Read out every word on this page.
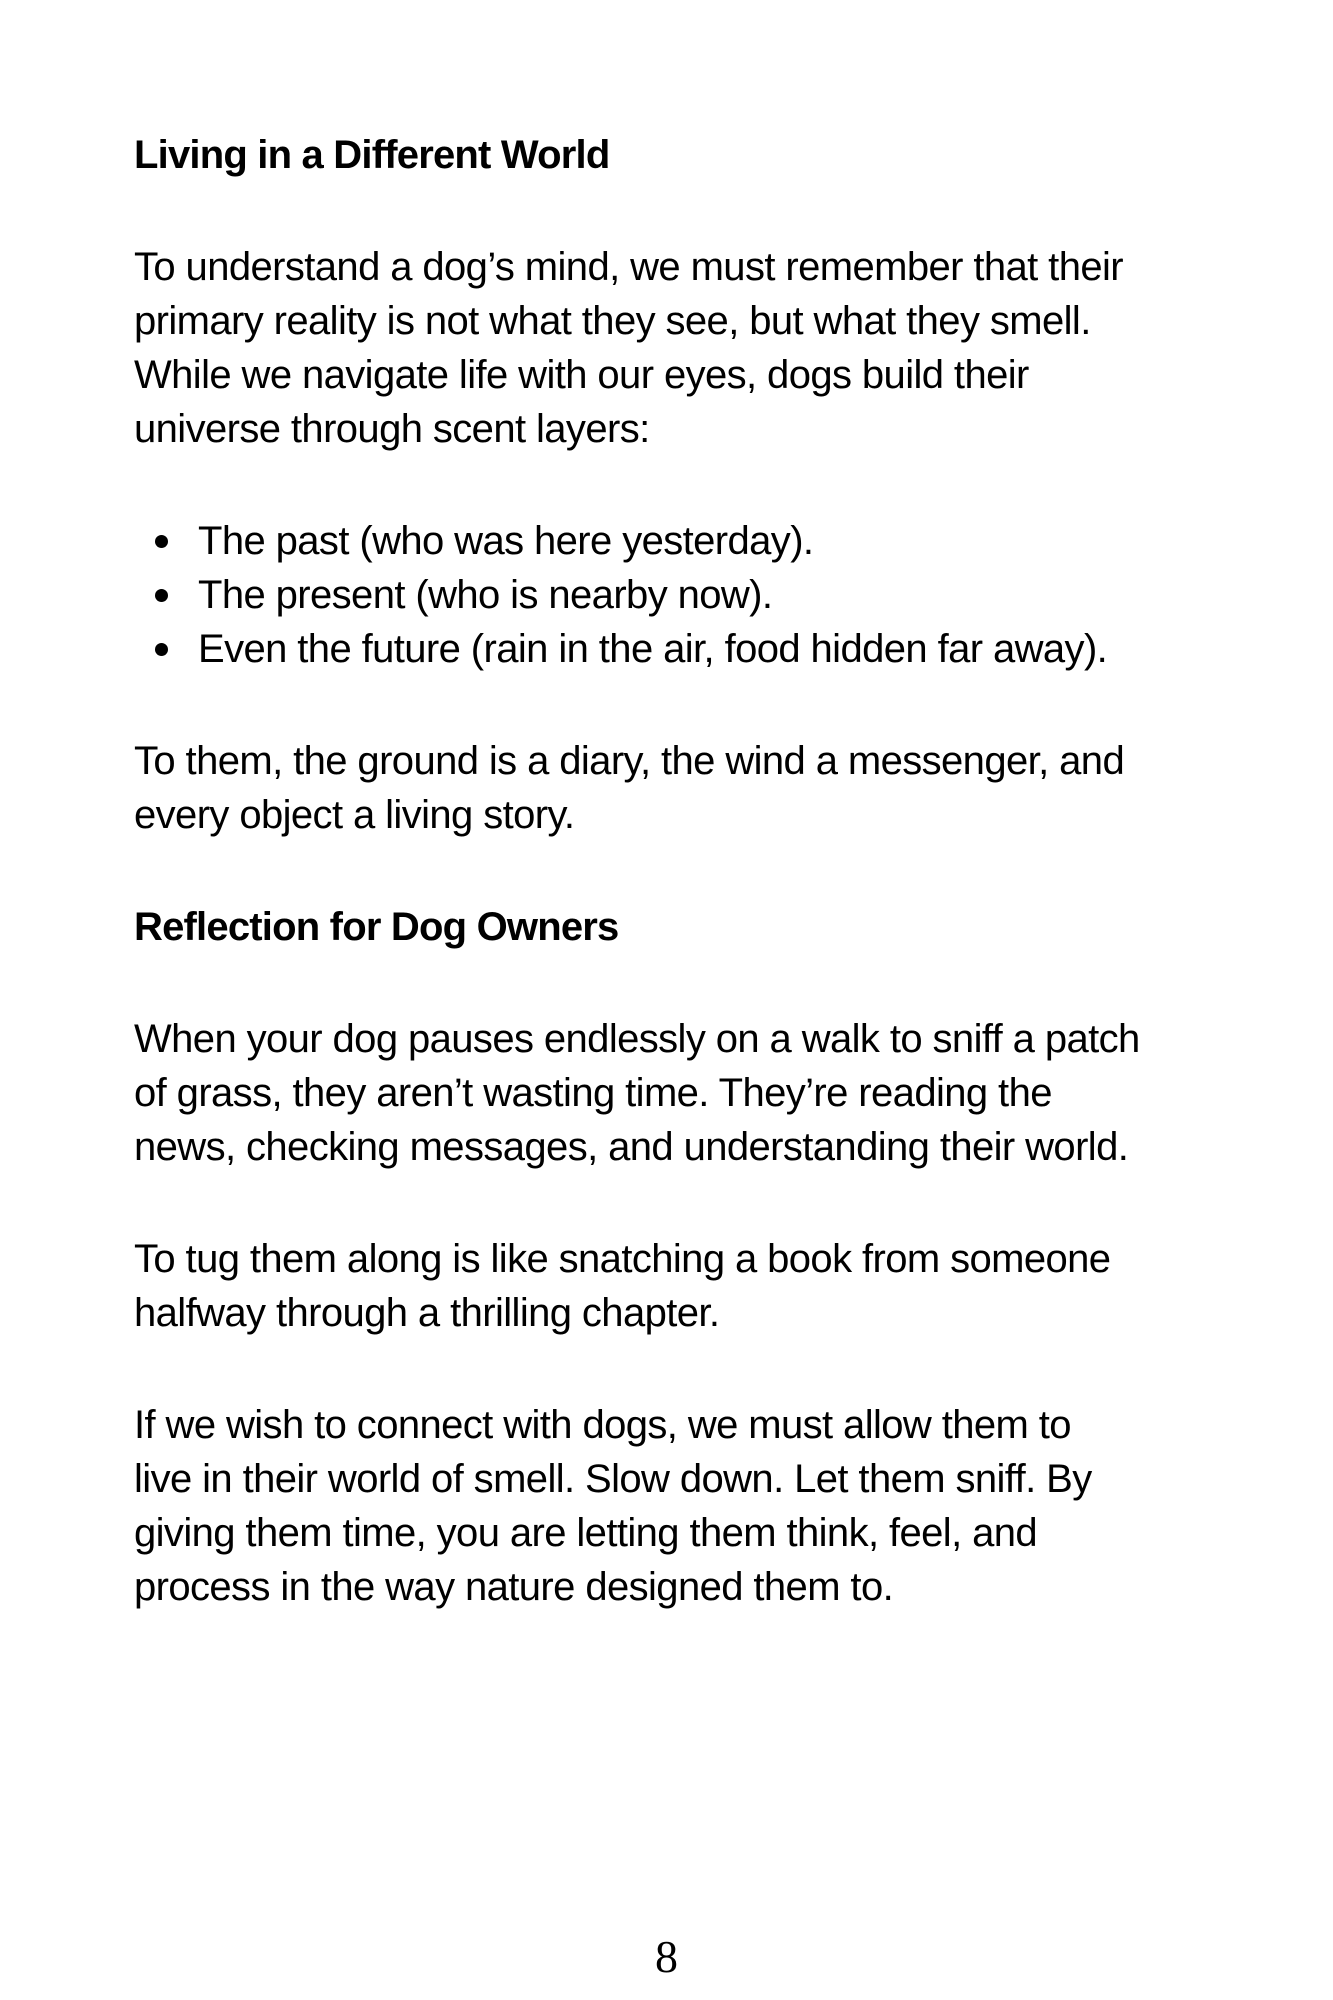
Living in a Different World

To understand a dog’s mind, we must remember that their
primary reality is not what they see, but what they smell.
While we navigate life with our eyes, dogs build their
universe through scent layers:

The past (who was here yesterday).
The present (who is nearby now).
Even the future (rain in the air, food hidden far away).

To them, the ground is a diary, the wind a messenger, and
every object a living story.

Reflection for Dog Owners

When your dog pauses endlessly on a walk to sniff a patch
of grass, they aren’t wasting time. They’re reading the
news, checking messages, and understanding their world.

To tug them along is like snatching a book from someone
halfway through a thrilling chapter.

If we wish to connect with dogs, we must allow them to
live in their world of smell. Slow down. Let them sniff. By
giving them time, you are letting them think, feel, and
process in the way nature designed them to.

8
